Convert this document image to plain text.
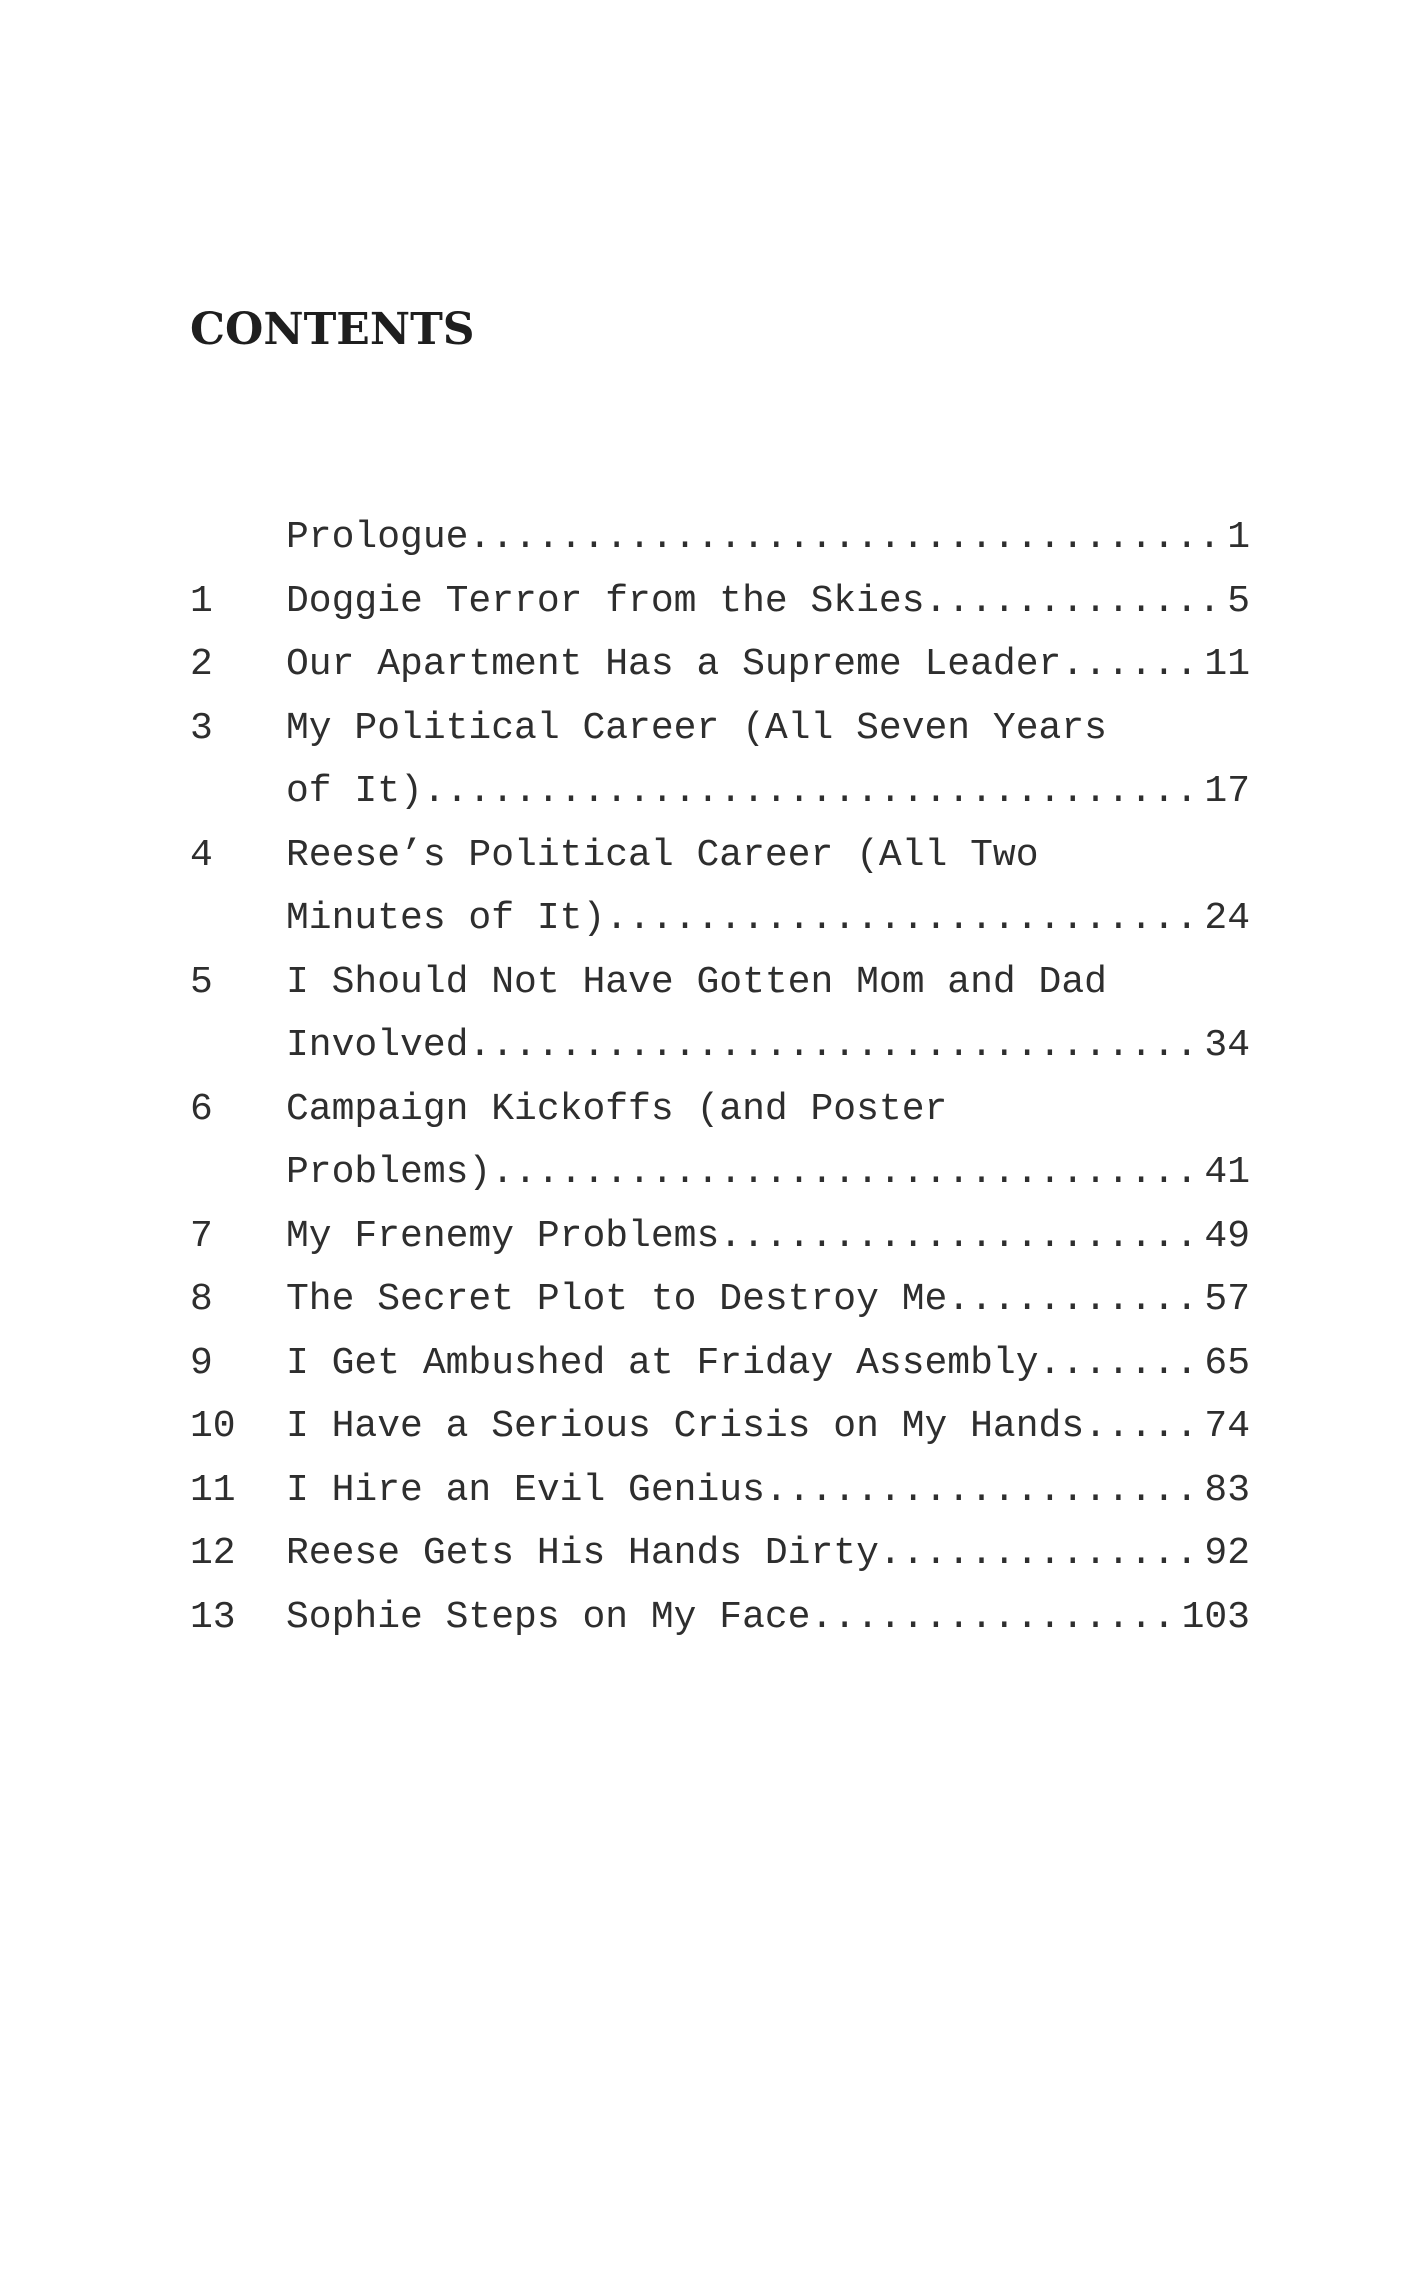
CONTENTS
Prologue .....	1
1	Doggie Terror from the Skies .....	5
2	Our Apartment Has a Supreme Leader .....	11
3	My Political Career (All Seven Years
of It) .....	17
4	Reese’s Political Career (All Two
Minutes of It) .....	24
5	I Should Not Have Gotten Mom and Dad
Involved .....	34
6	Campaign Kickoffs (and Poster
Problems) .....	41
7	My Frenemy Problems .....	49
8	The Secret Plot to Destroy Me .....	57
9	I Get Ambushed at Friday Assembly .....	65
10	I Have a Serious Crisis on My Hands .....	74
11	I Hire an Evil Genius .....	83
12	Reese Gets His Hands Dirty .....	92
13	Sophie Steps on My Face .....	103
